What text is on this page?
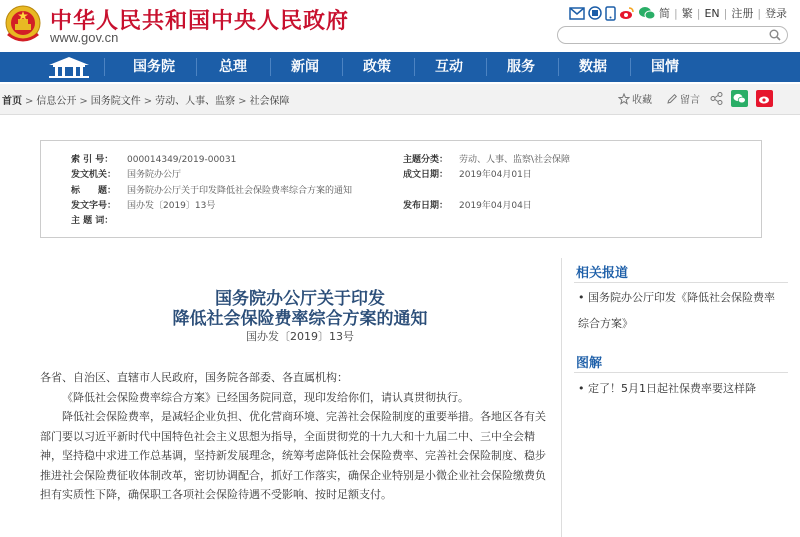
中华人民共和国中央人民政府
www.gov.cn
简 | 繁 | EN | 注册 | 登录
国务院	总理	新闻	政策	互动	服务	数据	国情
首页 > 信息公开 > 国务院文件 > 劳动、人事、监察 > 社会保障	收藏	留言
索 引 号： 000014349/2019-00031	主题分类： 劳动、人事、监察\社会保障
发文机关： 国务院办公厅	成文日期： 2019年04月01日
标　　题： 国务院办公厅关于印发降低社会保险费率综合方案的通知
发文字号： 国办发〔2019〕13号	发布日期： 2019年04月04日
主 题 词：
国务院办公厅关于印发
降低社会保险费率综合方案的通知
国办发〔2019〕13号
各省、自治区、直辖市人民政府，国务院各部委、各直属机构：
《降低社会保险费率综合方案》已经国务院同意，现印发给你们，请认真贯彻执行。
降低社会保险费率，是减轻企业负担、优化营商环境、完善社会保险制度的重要举措。各地区各有关部门要以习近平新时代中国特色社会主义思想为指导，全面贯彻党的十九大和十九届二中、三中全会精神，坚持稳中求进工作总基调，坚持新发展理念，统筹考虑降低社会保险费率、完善社会保险制度、稳步推进社会保险费征收体制改革，密切协调配合，抓好工作落实，确保企业特别是小微企业社会保险缴费负担有实质性下降，确保职工各项社会保险待遇不受影响、按时足额支付。
相关报道
• 国务院办公厅印发《降低社会保险费率综合方案》
图解
• 定了！5月1日起社保费率要这样降
